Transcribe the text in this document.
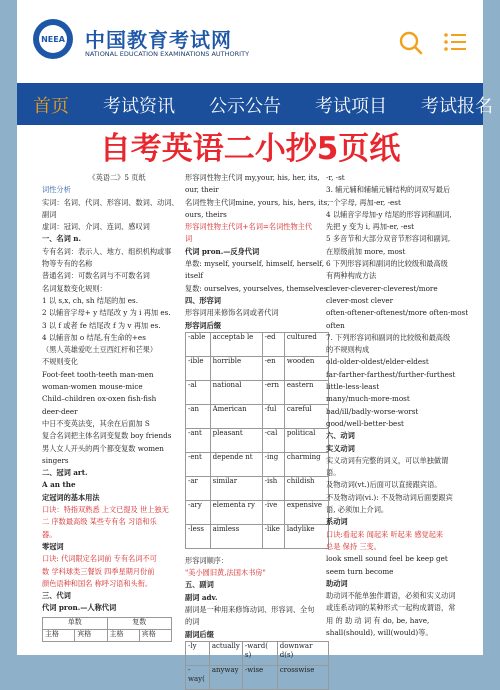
NEEA 中国教育考试网
NATIONAL EDUCATION EXAMINATIONS AUTHORITY
首页 考试资讯 公示公告 考试项目 考试报名
自考英语二小抄5页纸

《英语二》5 页纸

词性分析

实词：名词、代词、形容词、数词、动词、

副词

虚词：冠词、介词、连词、感叹词

一、名词 n.

专有名词：表示人、地方、组织机构或事

物等专有的名称

普通名词：可数名词与不可数名词

名词复数变化规则：

1 以 s,x, ch, sh 结尾的加 es.

2 以辅音字母+ y 结尾改 y 为 i 再加 es.

3 以 f 或者 fe 结尾改 f 为 v 再加 es.

4 以辅音加 o 结尾,有生命的+es

（黑人英雄爱吃土豆西红杆和芒果）

不规则变化

Foot-feet tooth-teeth man-men

woman-women mouse-mice

Child–children ox-oxen fish-fish

deer-deer

中日不变英法变，其余在后面加 S

复合名词把主体名词变复数 boy friends

男人女人开头的两个都变复数 women

singers

二、冠词 art.

A an the

定冠词的基本用法

口诀：特指双熟悉 上文已提及 世上独无

二 序数最高级 某些专有名 习语和乐

器。

零冠词

口诀: 代词限定名词前 专有名词不可

数 学科球类三餐饭 四季星期月份前

颜色语种和国名 称呼习语和头衔。

三、代词

代词 pron.—人称代词

单数		复数	
主格	宾格	主格	宾格

形容词性物主代词 my,your, his, her, its,

our, their

名词性物主代词mine, yours, his, hers, its,

ours, theirs

形容词性物主代词+名词=名词性物主代

词

代词 pron.—反身代词

单数: myself, yourself, himself, herself,

itself

复数: ourselves, yourselves, themselves

四、形容词

形容词用来修饰名词或者代词

形容词后缀

-able	acceptab le	-ed	cultured
-ible	horrible	-en	wooden
-al	national	-ern	eastern
-an	American	-ful	careful
-ant	pleasant	-cal	political
-ent	depende nt	-ing	charming
-ar	similar	-ish	childish
-ary	elementa ry	-ive	expensive
-less	aimless	-like	ladylike

形容词顺序：

"美小圆旧黄,法国木书房"

五、副词

副词 adv.

副词是一种用来修饰动词、形容词、全句

的词

副词后缀

-ly	actually	-ward( s)	downwar d(s)
-way(	anyway	-wise	crosswise

-r, -st

3. 辅元辅和辅辅元辅结构的词双写最后

一个字母, 再加-er, -est

4 以辅音字母加-y 结尾的形容词和副词,

先把 y 变为 i, 再加-er, -est

5 多音节和大部分双音节形容词和副词,

在原级前加 more, most

6 下列形容词和副词的比较级和最高级

有两种构成方法

clever-cleverer-cleverest/more

clever-most clever

often-oftener-oftenest/more often-most

often

7. 下列形容词和副词的比较级和最高级

的不规则构成

old-older-oldest/elder-eldest

far-farther-farthest/further-furthest

little-less-least

many/much-more-most

bad/ill/badly-worse-worst

good/well-better-best

六、动词

实义动词

实义动词有完整的词义，可以单独做谓

语。

及物动词(vt.)后面可以直接跟宾语。

不及物动词(vi.): 不及物动词后面要跟宾

语, 必须加上介词。

系动词

口诀:看起来 闻起来 听起来 感觉起来

总是 保持 三变。

look smell sound feel be keep get

seem turn become

助动词

助动词不能单独作谓语，必须和实义动词

或连系动词的某种形式一起构成谓语，常

用 的 助 动 词 有 do, be, have,

shall(should), will(would)等。
